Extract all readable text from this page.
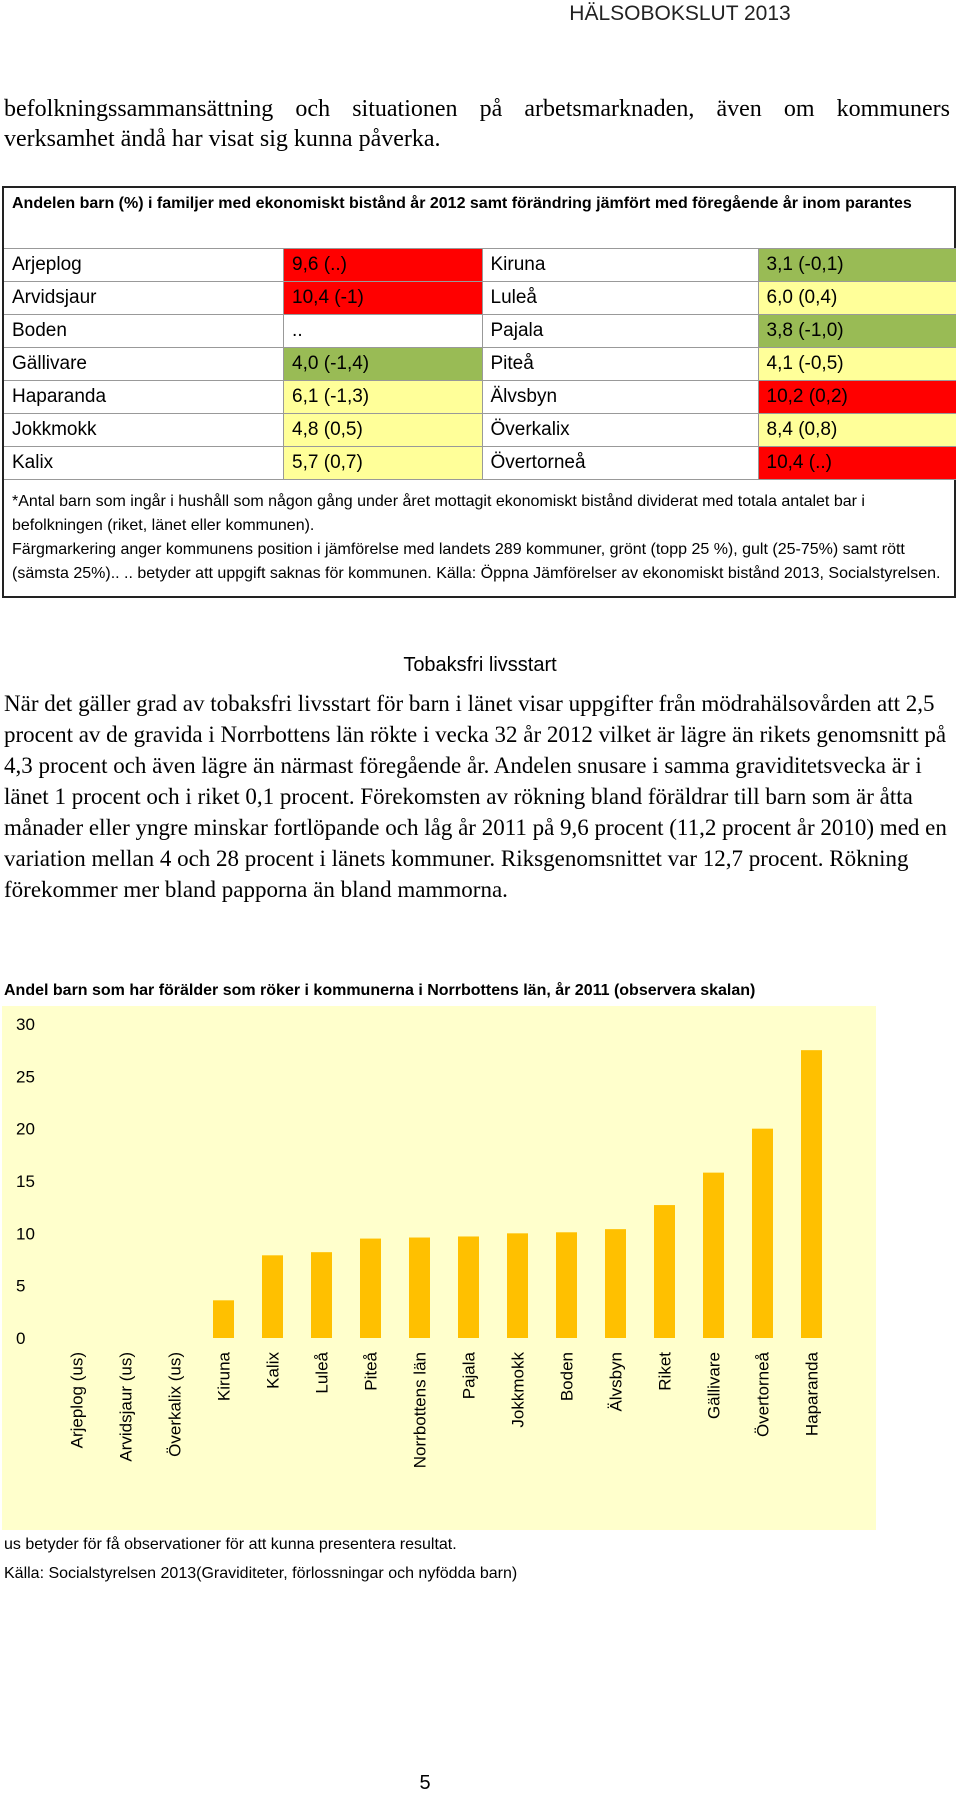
HÄLSOBOKSLUT 2013
befolkningssammansättning och situationen på arbetsmarknaden, även om kommuners verksamhet ändå har visat sig kunna påverka.
Andelen barn (%) i familjer med ekonomiskt bistånd år 2012 samt förändring jämfört med föregående år inom parantes
Arjeplog	9,6 (..)	Kiruna	3,1 (-0,1)
Arvidsjaur	10,4 (-1)	Luleå	6,0 (0,4)
Boden	..	Pajala	3,8 (-1,0)
Gällivare	4,0 (-1,4)	Piteå	4,1 (-0,5)
Haparanda	6,1 (-1,3)	Älvsbyn	10,2 (0,2)
Jokkmokk	4,8 (0,5)	Överkalix	8,4 (0,8)
Kalix	5,7 (0,7)	Övertorneå	10,4 (..)
*Antal barn som ingår i hushåll som någon gång under året mottagit ekonomiskt bistånd dividerat med totala antalet bar i befolkningen (riket, länet eller kommunen).
Färgmarkering anger kommunens position i jämförelse med landets 289 kommuner, grönt (topp 25 %), gult (25-75%) samt rött (sämsta 25%).. .. betyder att uppgift saknas för kommunen. Källa: Öppna Jämförelser av ekonomiskt bistånd 2013, Socialstyrelsen.
Tobaksfri livsstart
När det gäller grad av tobaksfri livsstart för barn i länet visar uppgifter från mödrahälsovården att 2,5 procent av de gravida i Norrbottens län rökte i vecka 32 år 2012 vilket är lägre än rikets genomsnitt på 4,3 procent och även lägre än närmast föregående år. Andelen snusare i samma graviditetsvecka är i länet 1 procent och i riket 0,1 procent. Förekomsten av rökning bland föräldrar till barn som är åtta månader eller yngre minskar fortlöpande och låg år 2011 på 9,6 procent (11,2 procent år 2010) med en variation mellan 4 och 28 procent i länets kommuner. Riksgenomsnittet var 12,7 procent. Rökning förekommer mer bland papporna än bland mammorna.
Andel barn som har förälder som röker i kommunerna i Norrbottens län, år 2011 (observera skalan)
0
5
10
15
20
25
30
Arjeplog (us) Arvidsjaur (us) Överkalix (us) Kiruna Kalix Luleå Piteå Norrbottens län Pajala Jokkmokk Boden Älvsbyn Riket Gällivare Övertorneå Haparanda
us betyder för få observationer för att kunna presentera resultat.
Källa: Socialstyrelsen 2013(Graviditeter, förlossningar och nyfödda barn)
5
